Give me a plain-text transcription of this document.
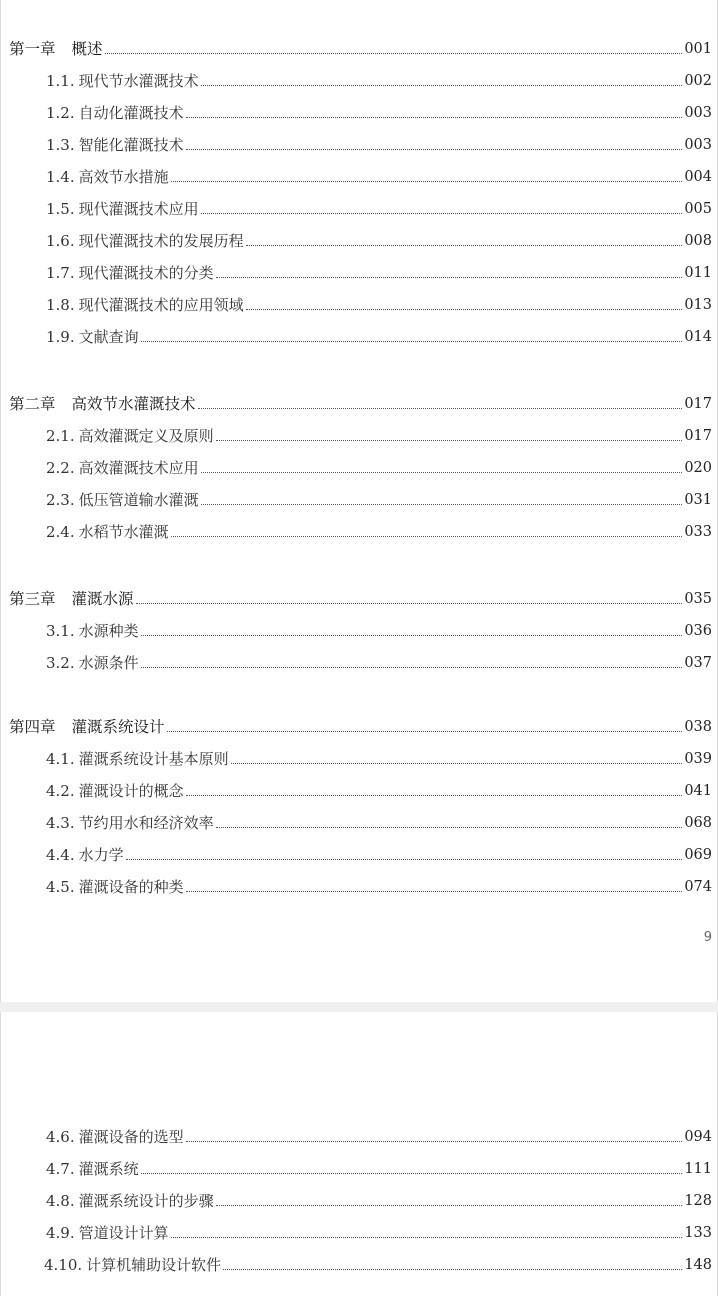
第一章 概述	001
1.1. 现代节水灌溉技术	002
1.2. 自动化灌溉技术	003
1.3. 智能化灌溉技术	003
1.4. 高效节水措施	004
1.5. 现代灌溉技术应用	005
1.6. 现代灌溉技术的发展历程	008
1.7. 现代灌溉技术的分类	011
1.8. 现代灌溉技术的应用领域	013
1.9. 文献查询	014
第二章 高效节水灌溉技术	017
2.1. 高效灌溉定义及原则	017
2.2. 高效灌溉技术应用	020
2.3. 低压管道输水灌溉	031
2.4. 水稻节水灌溉	033
第三章 灌溉水源	035
3.1. 水源种类	036
3.2. 水源条件	037
第四章 灌溉系统设计	038
4.1. 灌溉系统设计基本原则	039
4.2. 灌溉设计的概念	041
4.3. 节约用水和经济效率	068
4.4. 水力学	069
4.5. 灌溉设备的种类	074
9
4.6. 灌溉设备的选型	094
4.7. 灌溉系统	111
4.8. 灌溉系统设计的步骤	128
4.9. 管道设计计算	133
4.10. 计算机辅助设计软件	148
